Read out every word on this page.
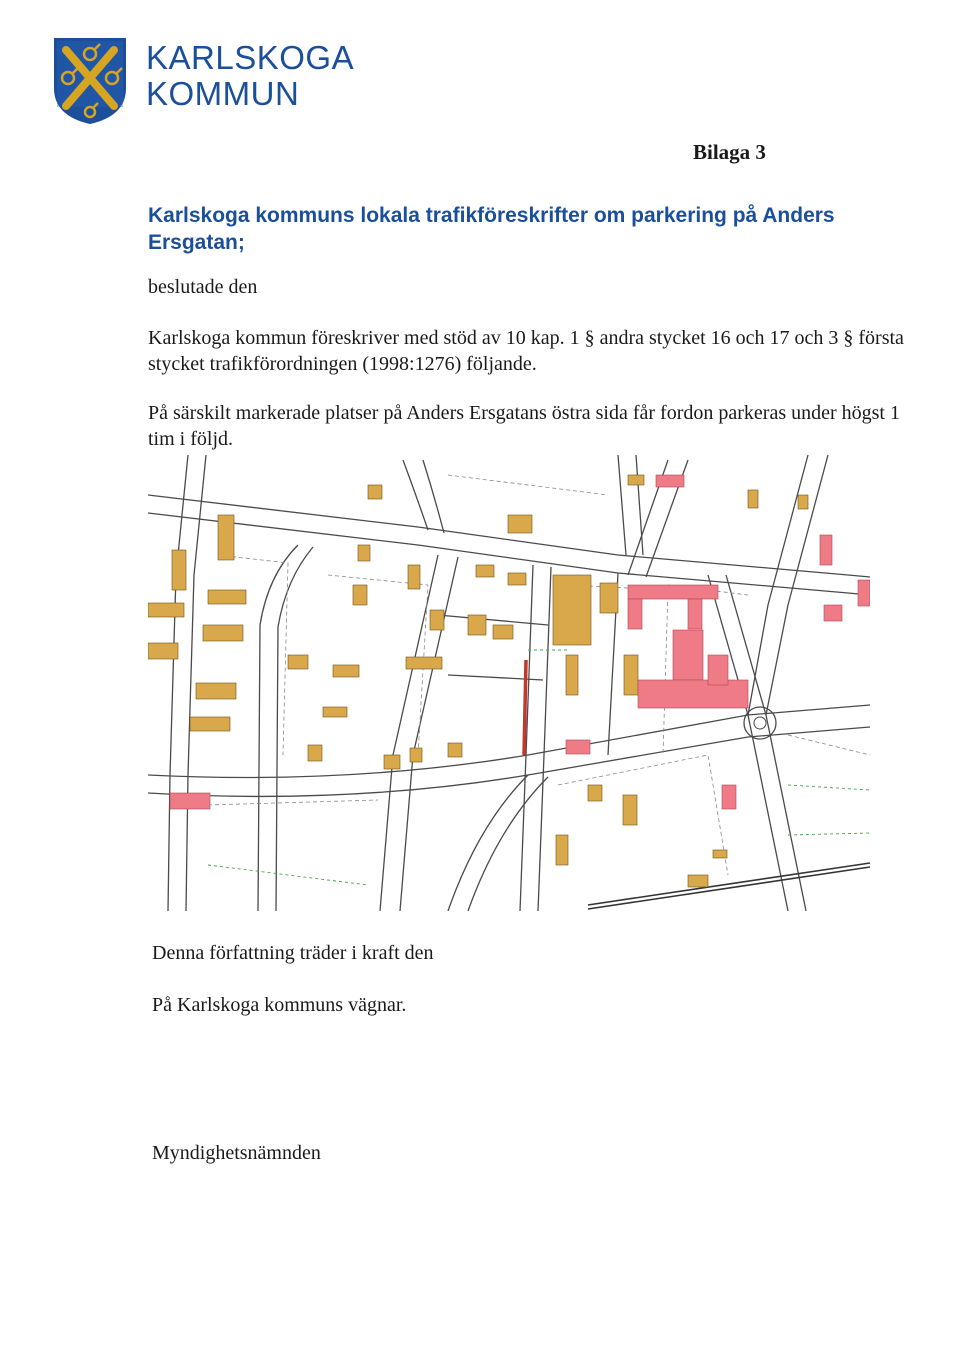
KARLSKOGA
KOMMUN
Bilaga 3
Karlskoga kommuns lokala trafikföreskrifter om parkering på Anders Ersgatan;
beslutade den
Karlskoga kommun föreskriver med stöd av 10 kap. 1 § andra stycket 16 och 17 och 3 § första stycket trafikförordningen (1998:1276) följande.
På särskilt markerade platser på Anders Ersgatans östra sida får fordon parkeras under högst 1 tim i följd.
Denna författning träder i kraft den
På Karlskoga kommuns vägnar.
Myndighetsnämnden
